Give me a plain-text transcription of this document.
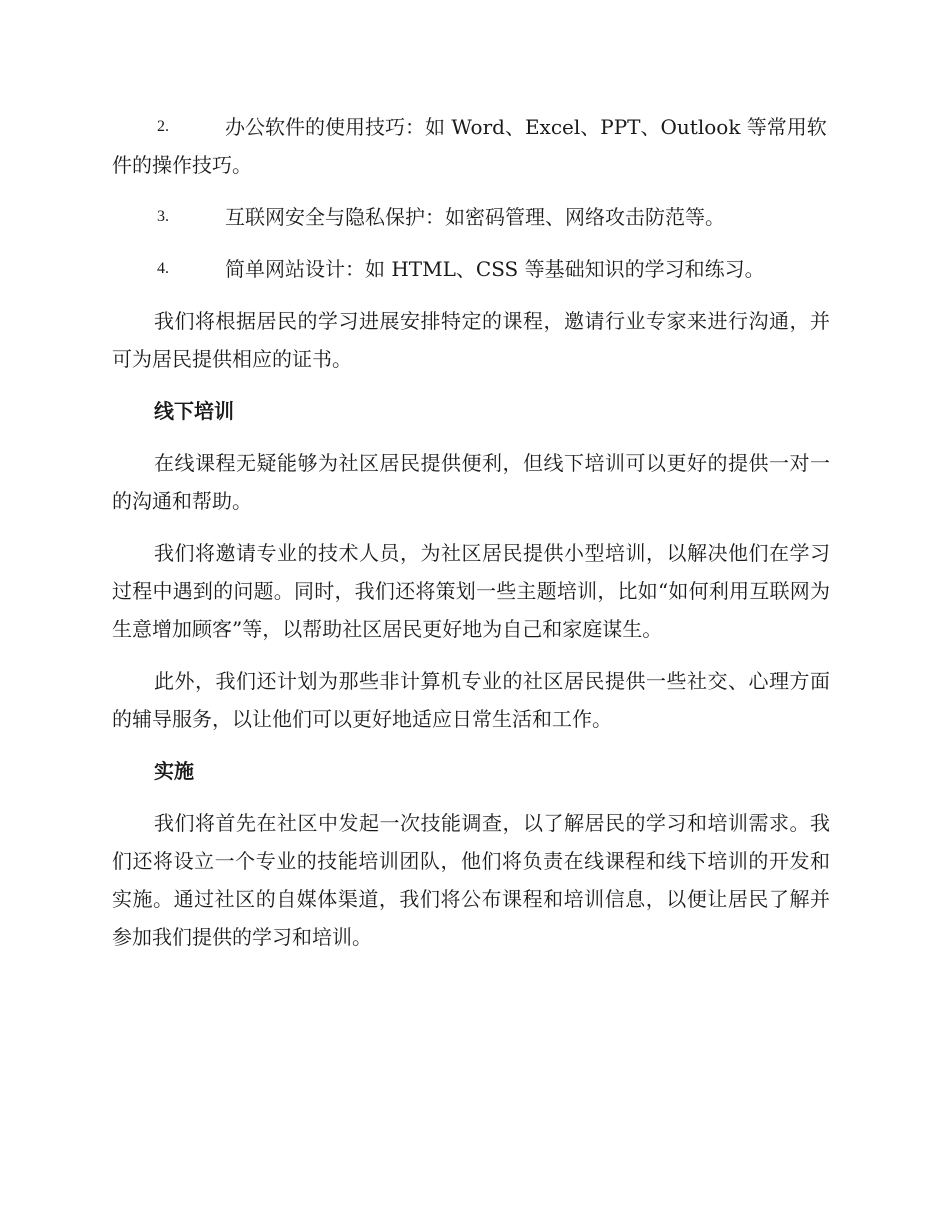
2.	办公软件的使用技巧：如 Word、Excel、PPT、Outlook 等常用软件的操作技巧。

3.	互联网安全与隐私保护：如密码管理、网络攻击防范等。

4.	简单网站设计：如 HTML、CSS 等基础知识的学习和练习。

我们将根据居民的学习进展安排特定的课程，邀请行业专家来进行沟通，并可为居民提供相应的证书。

线下培训

在线课程无疑能够为社区居民提供便利，但线下培训可以更好的提供一对一的沟通和帮助。

我们将邀请专业的技术人员，为社区居民提供小型培训，以解决他们在学习过程中遇到的问题。同时，我们还将策划一些主题培训，比如“如何利用互联网为生意增加顾客”等，以帮助社区居民更好地为自己和家庭谋生。

此外，我们还计划为那些非计算机专业的社区居民提供一些社交、心理方面的辅导服务，以让他们可以更好地适应日常生活和工作。

实施

我们将首先在社区中发起一次技能调查，以了解居民的学习和培训需求。我们还将设立一个专业的技能培训团队，他们将负责在线课程和线下培训的开发和实施。通过社区的自媒体渠道，我们将公布课程和培训信息，以便让居民了解并参加我们提供的学习和培训。
